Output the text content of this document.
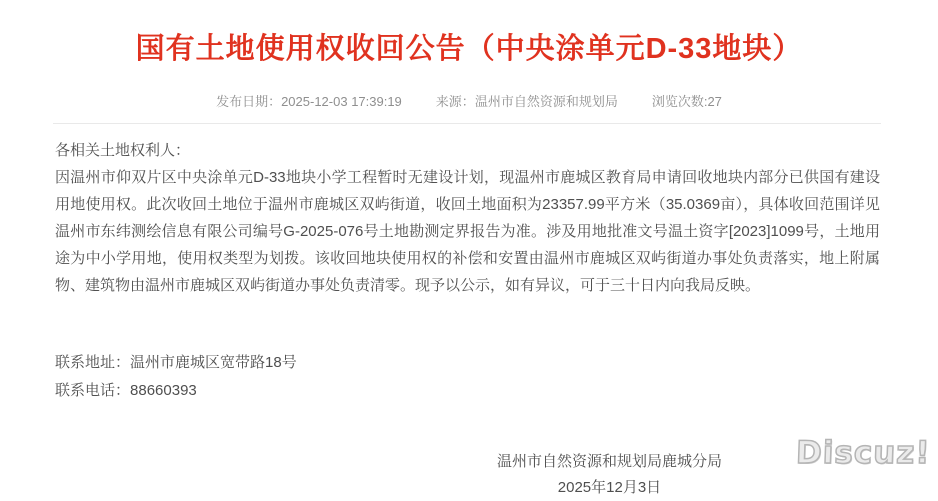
国有土地使用权收回公告（中央涂单元D-33地块）
发布日期：2025-12-03 17:39:19	来源：温州市自然资源和规划局	浏览次数:27

各相关土地权利人：

因温州市仰双片区中央涂单元D-33地块小学工程暂时无建设计划，现温州市鹿城区教育局申请回收地块内部分已供国有建设用地使用权。此次收回土地位于温州市鹿城区双屿街道，收回土地面积为23357.99平方米（35.0369亩），具体收回范围详见温州市东纬测绘信息有限公司编号G-2025-076号土地勘测定界报告为准。涉及用地批准文号温土资字[2023]1099号，土地用途为中小学用地，使用权类型为划拨。该收回地块使用权的补偿和安置由温州市鹿城区双屿街道办事处负责落实，地上附属物、建筑物由温州市鹿城区双屿街道办事处负责清零。现予以公示，如有异议，可于三十日内向我局反映。

联系地址：温州市鹿城区宽带路18号

联系电话：88660393

温州市自然资源和规划局鹿城分局
2025年12月3日
Discuz!
